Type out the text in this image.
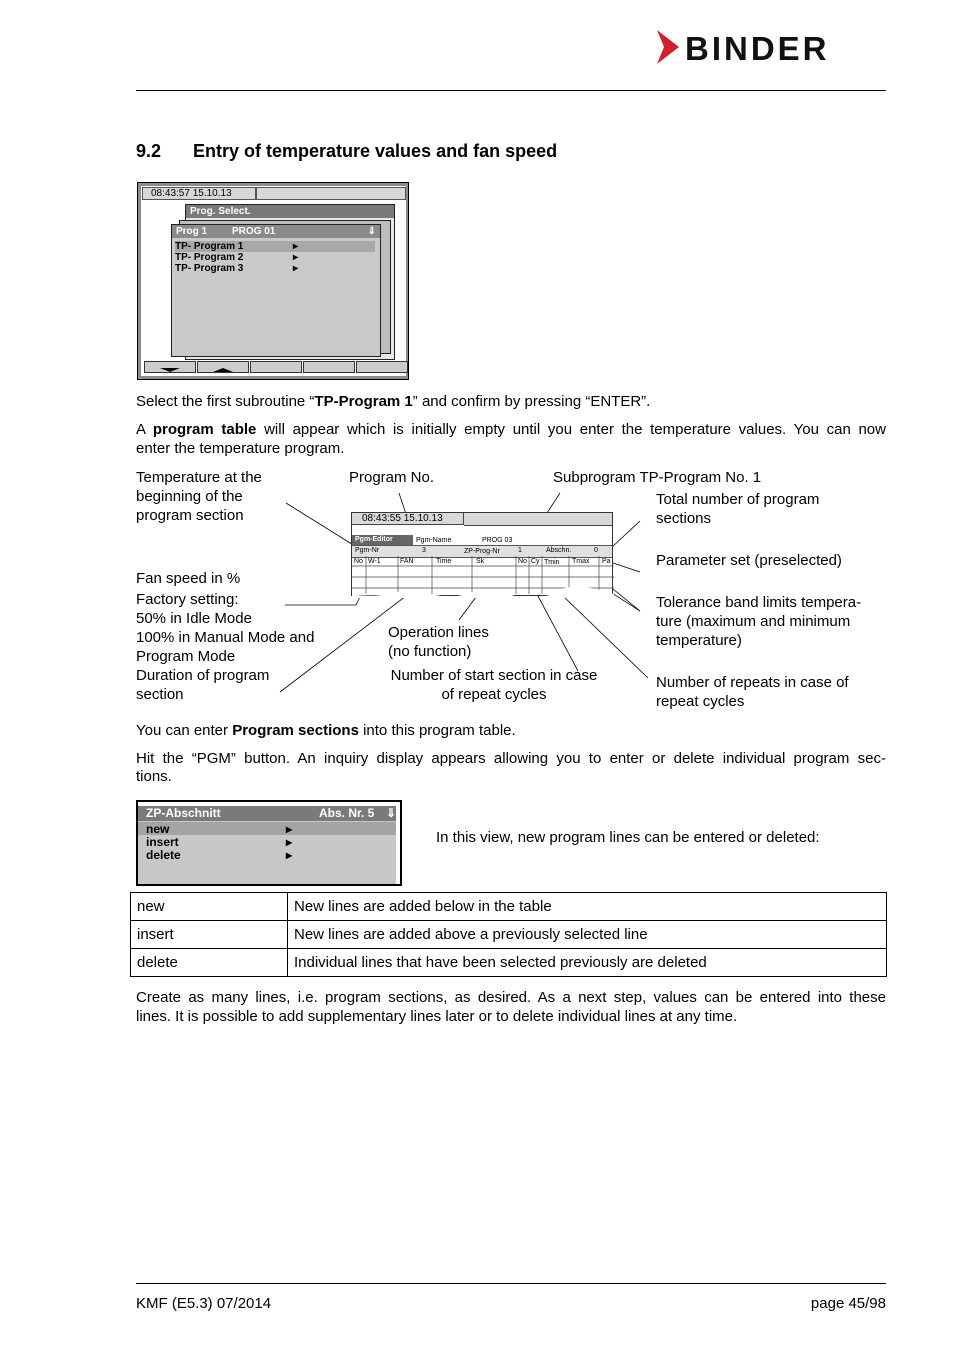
BINDER
9.2 Entry of temperature values and fan speed
08:43:57 15.10.13
Prog. Select.
Prog 1 PROG 01	⇓
TP- Program 1	▸
TP- Program 2	▸
TP- Program 3	▸
Select the first subroutine “TP-Program 1” and confirm by pressing “ENTER”.
A program table will appear which is initially empty until you enter the temperature values. You can now
enter the temperature program.
Temperature at the
beginning of the
program section
Program No.	Subprogram TP-Program No. 1
Total number of program
sections
Parameter set (preselected)
Fan speed in %
Factory setting:
50% in Idle Mode
100% in Manual Mode and
Program Mode
Tolerance band limits tempera-
ture (maximum and minimum
temperature)
Operation lines
(no function)
Duration of program
section
Number of start section in case
of repeat cycles
Number of repeats in case of
repeat cycles
08:43:55 15.10.13
Pgm-Editor	Pgm-Name	PROG 03
Pgm-Nr	3	ZP-Prog-Nr	1	Abschn.	0
No W-1	FAN	Time	Sk	No Cy Tmin Tmax Pa
You can enter Program sections into this program table.
Hit the “PGM” button. An inquiry display appears allowing you to enter or delete individual program sec-
tions.
ZP-Abschnitt	Abs. Nr. 5 ⇓
new	▸
insert	▸
delete	▸
In this view, new program lines can be entered or deleted:
new	New lines are added below in the table
insert	New lines are added above a previously selected line
delete	Individual lines that have been selected previously are deleted
Create as many lines, i.e. program sections, as desired. As a next step, values can be entered into these
lines. It is possible to add supplementary lines later or to delete individual lines at any time.
KMF (E5.3) 07/2014	page 45/98
